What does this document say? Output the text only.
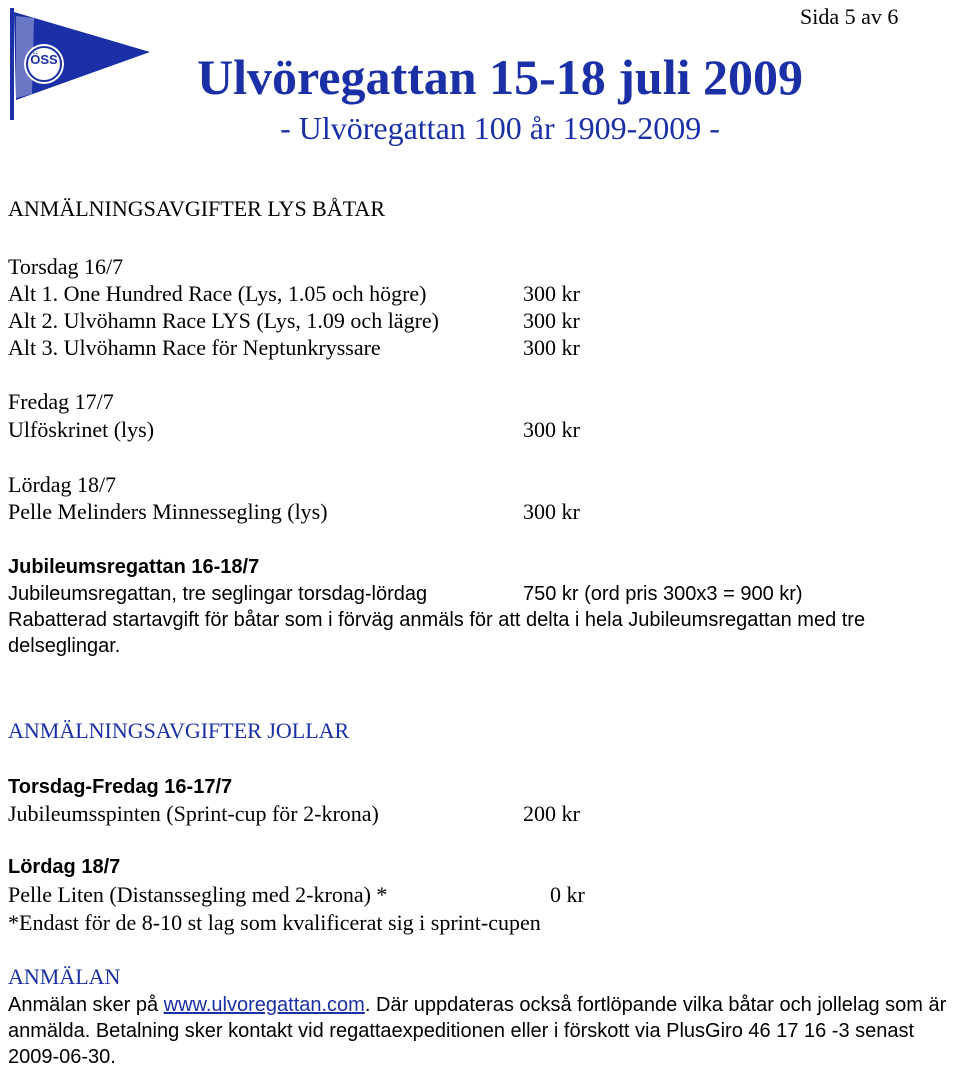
ÖSS
Sida 5 av 6
Ulvöregattan 15-18 juli 2009
- Ulvöregattan 100 år 1909-2009 -
ANMÄLNINGSAVGIFTER LYS BÅTAR
Torsdag 16/7
Alt 1. One Hundred Race (Lys, 1.05 och högre)	300 kr
Alt 2. Ulvöhamn Race LYS (Lys, 1.09 och lägre)	300 kr
Alt 3. Ulvöhamn Race för Neptunkryssare	300 kr
Fredag 17/7
Ulföskrinet (lys)	300 kr
Lördag 18/7
Pelle Melinders Minnessegling (lys)	300 kr
Jubileumsregattan 16-18/7
Jubileumsregattan, tre seglingar torsdag-lördag	750 kr (ord pris 300x3 = 900 kr)
Rabatterad startavgift för båtar som i förväg anmäls för att delta i hela Jubileumsregattan med tre delseglingar.
ANMÄLNINGSAVGIFTER JOLLAR
Torsdag-Fredag 16-17/7
Jubileumsspinten (Sprint-cup för 2-krona)	200 kr
Lördag 18/7
Pelle Liten (Distanssegling med 2-krona) *	0 kr
*Endast för de 8-10 st lag som kvalificerat sig i sprint-cupen
ANMÄLAN
Anmälan sker på www.ulvoregattan.com. Där uppdateras också fortlöpande vilka båtar och jollelag som är anmälda. Betalning sker kontakt vid regattaexpeditionen eller i förskott via PlusGiro 46 17 16 -3 senast 2009-06-30.
